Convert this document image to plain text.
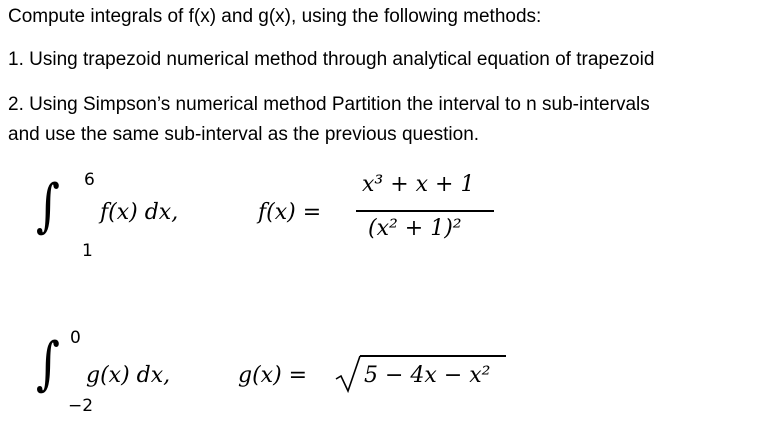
Compute integrals of f(x) and g(x), using the following methods:
1. Using trapezoid numerical method through analytical equation of trapezoid
2. Using Simpson’s numerical method Partition the interval to n sub-intervals
and use the same sub-interval as the previous question.
∫ 6
1
f(x) dx,	f(x) =
x³ + x + 1
(x² + 1)²
∫ 0
−2
g(x) dx,	g(x) =	5 − 4x − x²
